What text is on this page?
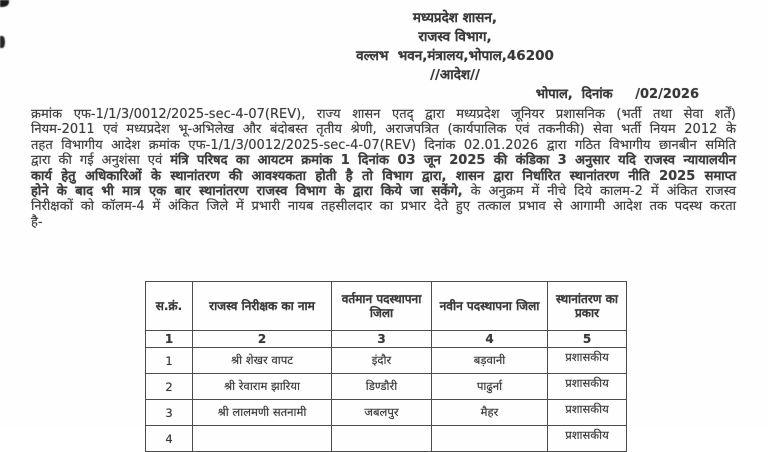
मध्यप्रदेश शासन,
राजस्व विभाग,
वल्लभ  भवन,मंत्रालय,भोपाल,46200
//आदेश//
भोपाल,  दिनांक     /02/2026
क्रमांक एफ-1/1/3/0012/2025-sec-4-07(REV), राज्य शासन एतद् द्वारा मध्यप्रदेश जूनियर प्रशासनिक (भर्ती तथा सेवा शर्तें) नियम-2011 एवं मध्यप्रदेश भू-अभिलेख और बंदोबस्त तृतीय श्रेणी, अराजपत्रित (कार्यपालिक एवं तकनीकी) सेवा भर्ती नियम 2012 के तहत विभागीय आदेश क्रमांक एफ-1/1/3/0012/2025-sec-4-07(REV) दिनांक 02.01.2026 द्वारा गठित विभागीय छानबीन समिति द्वारा की गई अनुशंसा एवं मंत्रि परिषद का आयटम क्रमांक 1 दिनांक 03 जून 2025 की कंडिका 3 अनुसार यदि राजस्व न्यायालयीन कार्य हेतु अधिकारिओं के स्थानांतरण की आवश्यकता होती है तो विभाग द्वारा, शासन द्वारा निर्धारित स्थानांतरण नीति 2025 समाप्त होने के बाद भी मात्र एक बार स्थानांतरण राजस्व विभाग के द्वारा किये जा सकेंगे, के अनुक्रम में नीचे दिये कालम-2 में अंकित राजस्व निरीक्षकों को कॉलम-4 में अंकित जिले में प्रभारी नायब तहसीलदार का प्रभार देते हुए तत्काल प्रभाव से आगामी आदेश तक पदस्थ करता है-
स.क्रं.	राजस्व निरीक्षक का नाम	वर्तमान पदस्थापना जिला	नवीन पदस्थापना जिला	स्थानांतरण का प्रकार
1	2	3	4	5
1	श्री शेखर वापट	इंदौर	बड़वानी	प्रशासकीय
2	श्री रेवाराम झारिया	डिण्डौरी	पाढुर्ना	प्रशासकीय
3	श्री लालमणी सतनामी	जबलपुर	मैहर	प्रशासकीय
4				प्रशासकीय
